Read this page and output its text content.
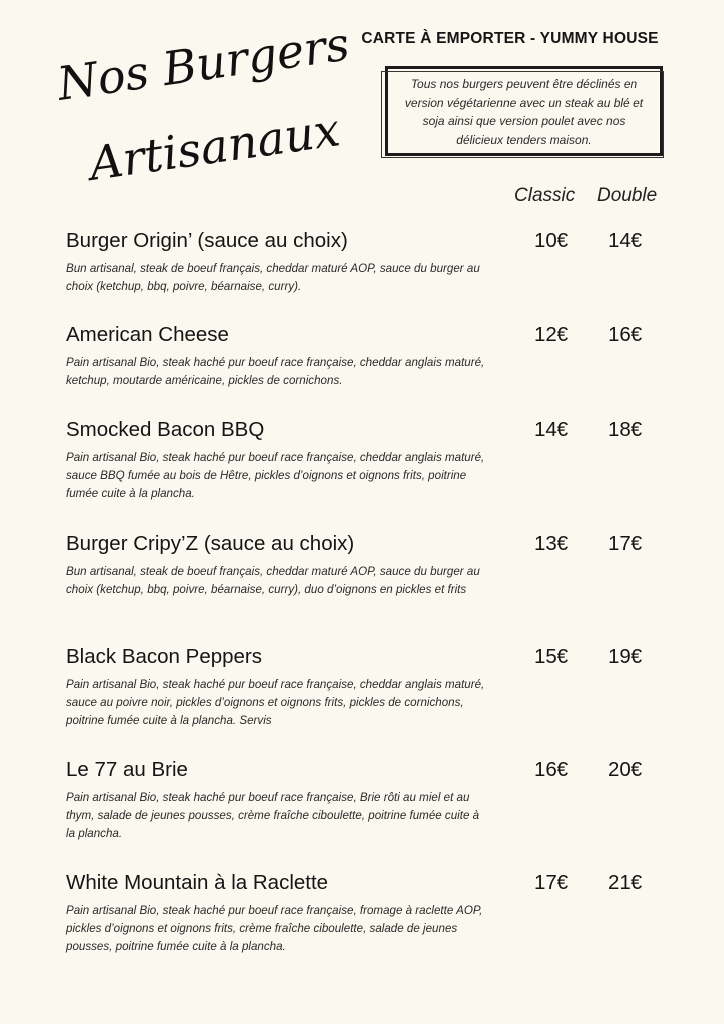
Nos Burgers
Artisanaux

CARTE À EMPORTER - YUMMY HOUSE

Tous nos burgers peuvent être déclinés en version végétarienne avec un steak au blé et soja ainsi que version poulet avec nos délicieux tenders maison.
Classic Double

Burger Origin’ (sauce au choix)

Bun artisanal, steak de boeuf français, cheddar maturé AOP, sauce du burger au choix (ketchup, bbq, poivre, béarnaise, curry).

10€ 14€

American Cheese

Pain artisanal Bio, steak haché pur boeuf race française, cheddar anglais maturé, ketchup, moutarde américaine, pickles de cornichons.

12€ 16€

Smocked Bacon BBQ

Pain artisanal Bio, steak haché pur boeuf race française, cheddar anglais maturé, sauce BBQ fumée au bois de Hêtre, pickles d’oignons et oignons frits, poitrine fumée cuite à la plancha.

14€ 18€

Burger Cripy’Z (sauce au choix)

Bun artisanal, steak de boeuf français, cheddar maturé AOP, sauce du burger au choix (ketchup, bbq, poivre, béarnaise, curry), duo d’oignons en pickles et frits

13€ 17€

Black Bacon Peppers

Pain artisanal Bio, steak haché pur boeuf race française, cheddar anglais maturé, sauce au poivre noir, pickles d’oignons et oignons frits, pickles de cornichons, poitrine fumée cuite à la plancha. Servis

15€ 19€

Le 77 au Brie

Pain artisanal Bio, steak haché pur boeuf race française, Brie rôti au miel et au thym, salade de jeunes pousses, crème fraîche ciboulette, poitrine fumée cuite à la plancha.

16€ 20€

White Mountain à la Raclette

Pain artisanal Bio, steak haché pur boeuf race française, fromage à raclette AOP, pickles d’oignons et oignons frits, crème fraîche ciboulette, salade de jeunes pousses, poitrine fumée cuite à la plancha.

17€ 21€
